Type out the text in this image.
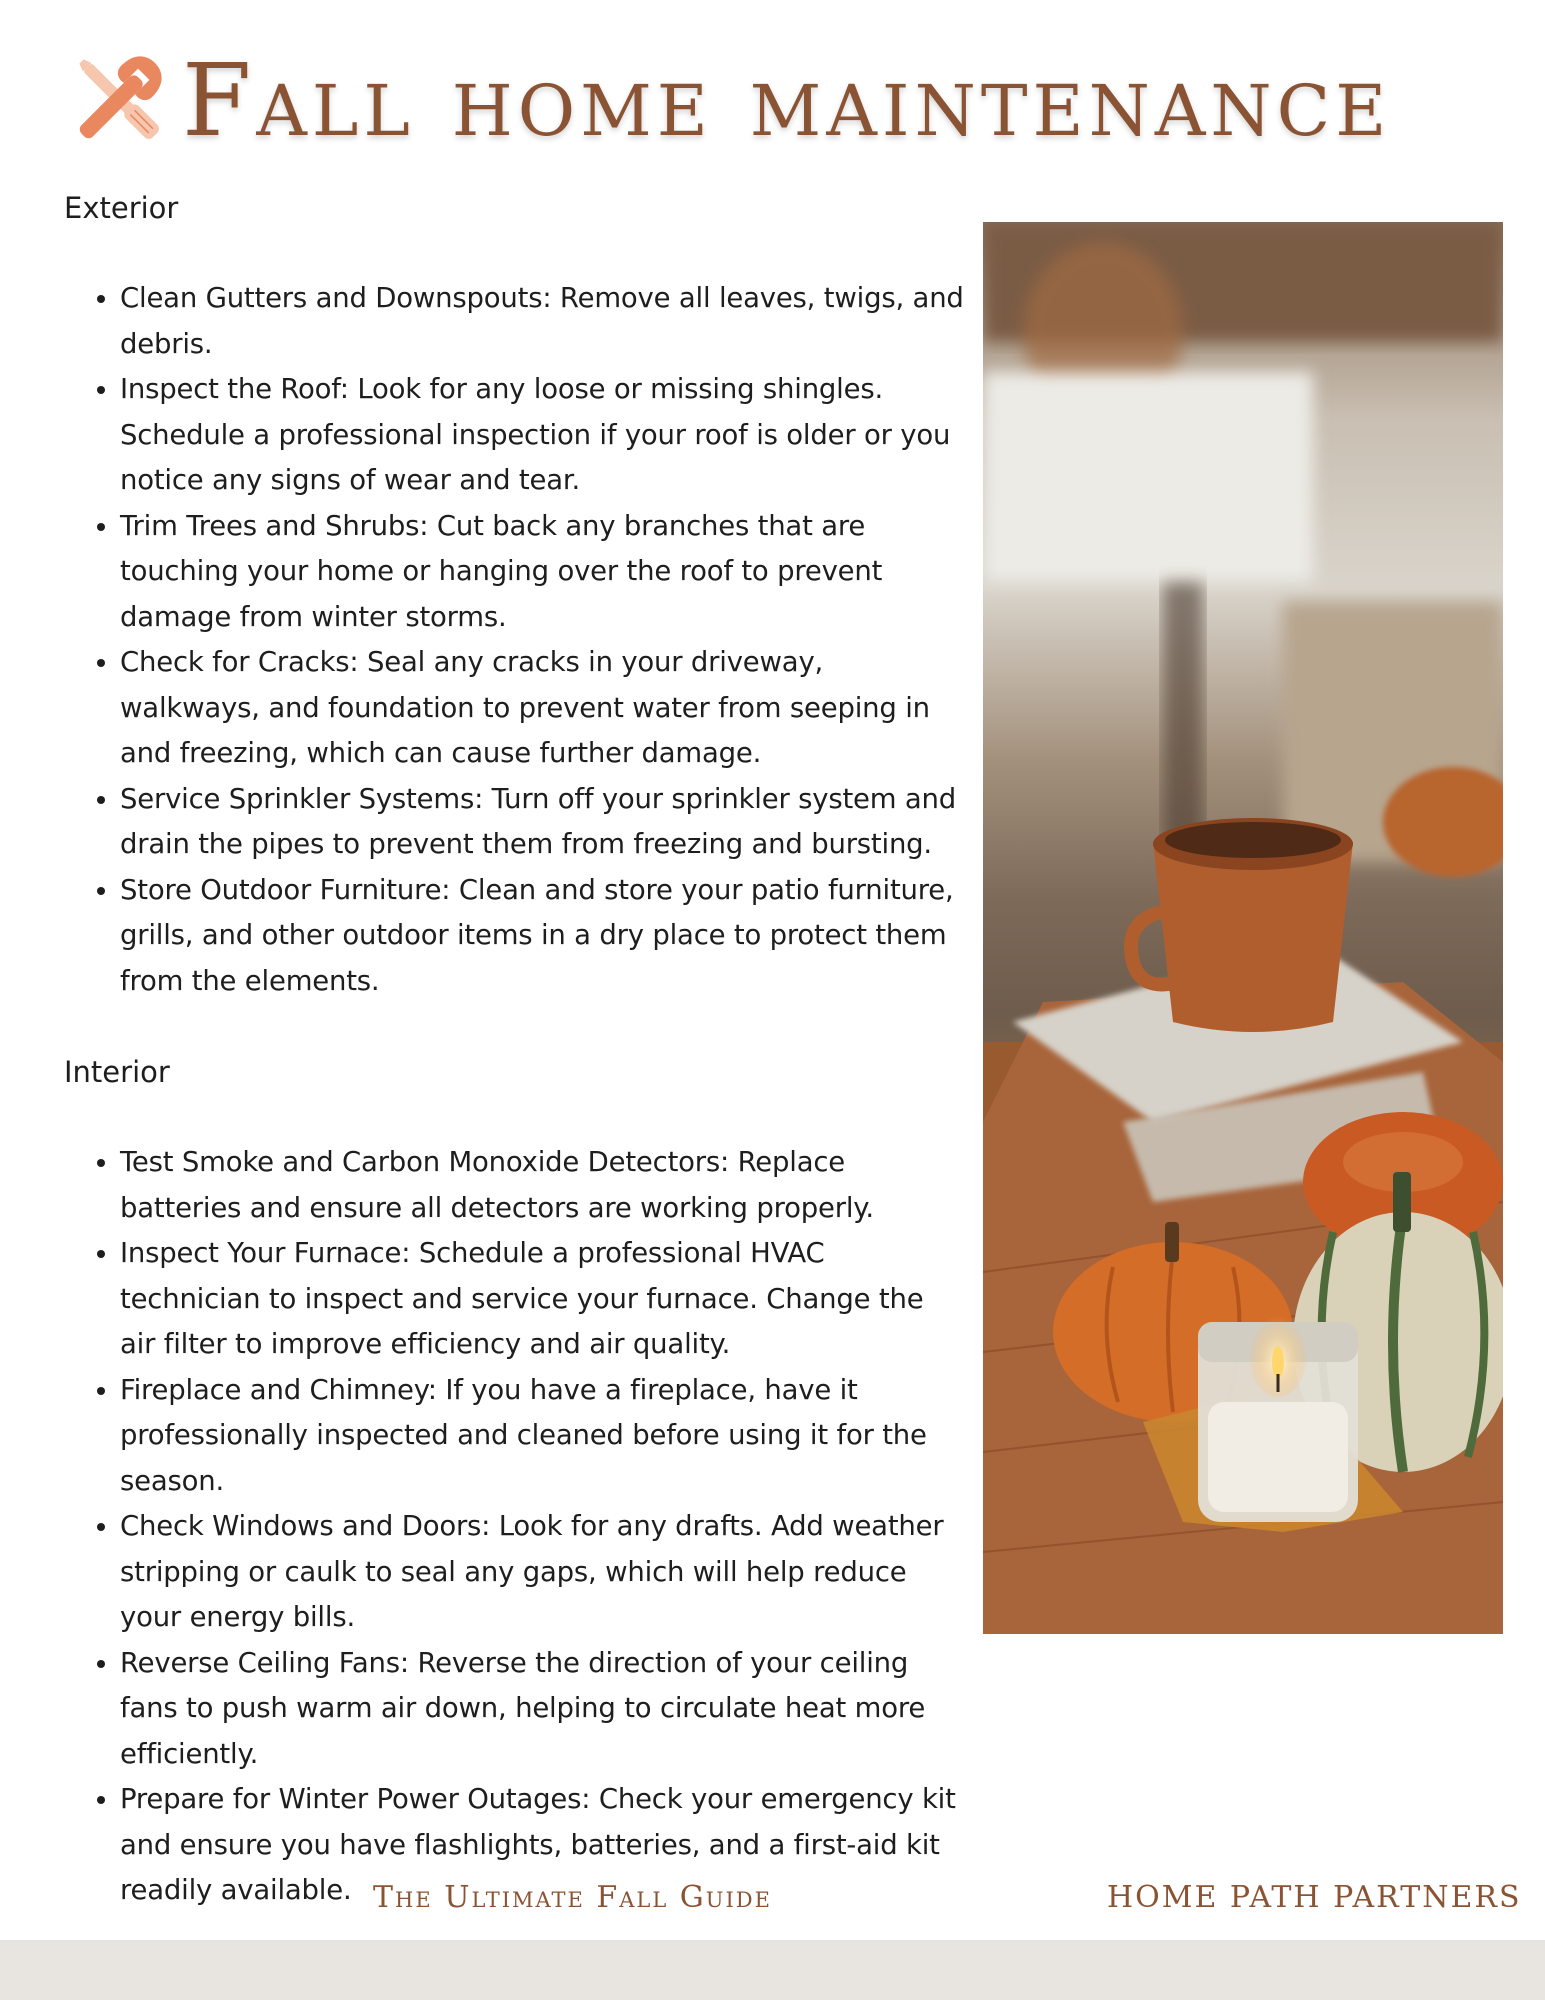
Fall home maintenance
Exterior
• Clean Gutters and Downspouts: Remove all leaves, twigs, and debris.
• Inspect the Roof: Look for any loose or missing shingles. Schedule a professional inspection if your roof is older or you notice any signs of wear and tear.
• Trim Trees and Shrubs: Cut back any branches that are touching your home or hanging over the roof to prevent damage from winter storms.
• Check for Cracks: Seal any cracks in your driveway, walkways, and foundation to prevent water from seeping in and freezing, which can cause further damage.
• Service Sprinkler Systems: Turn off your sprinkler system and drain the pipes to prevent them from freezing and bursting.
• Store Outdoor Furniture: Clean and store your patio furniture, grills, and other outdoor items in a dry place to protect them from the elements.
Interior
• Test Smoke and Carbon Monoxide Detectors: Replace batteries and ensure all detectors are working properly.
• Inspect Your Furnace: Schedule a professional HVAC technician to inspect and service your furnace. Change the air filter to improve efficiency and air quality.
• Fireplace and Chimney: If you have a fireplace, have it professionally inspected and cleaned before using it for the season.
• Check Windows and Doors: Look for any drafts. Add weather stripping or caulk to seal any gaps, which will help reduce your energy bills.
• Reverse Ceiling Fans: Reverse the direction of your ceiling fans to push warm air down, helping to circulate heat more efficiently.
• Prepare for Winter Power Outages: Check your emergency kit and ensure you have flashlights, batteries, and a first-aid kit readily available. The Ultimate Fall Guide	HOME PATH PARTNERS
